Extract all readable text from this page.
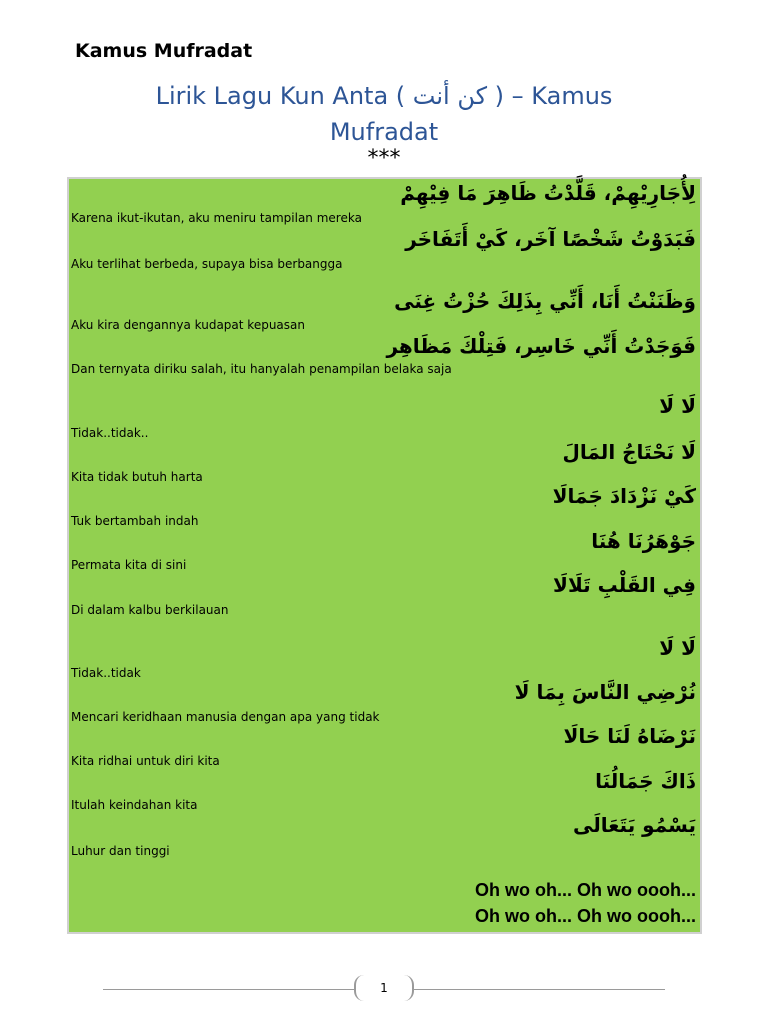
Kamus Mufradat
Lirik Lagu Kun Anta ( كن أنت ) – Kamus
Mufradat
***
لِأُجَارِيْهِمْ، قَلَّدْتُ ظَاهِرَ مَا فِيْهِمْ
Karena ikut-ikutan, aku meniru tampilan mereka
فَبَدَوْتُ شَخْصًا آخَر، كَيْ أَتَفَاخَر
Aku terlihat berbeda, supaya bisa berbangga
وَظَنَنْتُ أَنَا، أَنِّي بِذَلِكَ حُزْتُ غِنَى
Aku kira dengannya kudapat kepuasan
فَوَجَدْتُ أَنِّي خَاسِر، فَتِلْكَ مَظَاهِر
Dan ternyata diriku salah, itu hanyalah penampilan belaka saja
لَا لَا
Tidak..tidak..
لَا نَحْتَاجُ المَالَ
Kita tidak butuh harta
كَيْ نَزْدَادَ جَمَالَا
Tuk bertambah indah
جَوْهَرُنَا هُنَا
Permata kita di sini
فِي القَلْبِ تَلَالَا
Di dalam kalbu berkilauan
لَا لَا
Tidak..tidak
نُرْضِي النَّاسَ بِمَا لَا
Mencari keridhaan manusia dengan apa yang tidak
نَرْضَاهُ لَنَا حَالَا
Kita ridhai untuk diri kita
ذَاكَ جَمَالُنَا
Itulah keindahan kita
يَسْمُو يَتَعَالَى
Luhur dan tinggi
Oh wo oh... Oh wo oooh...
Oh wo oh... Oh wo oooh...
1
